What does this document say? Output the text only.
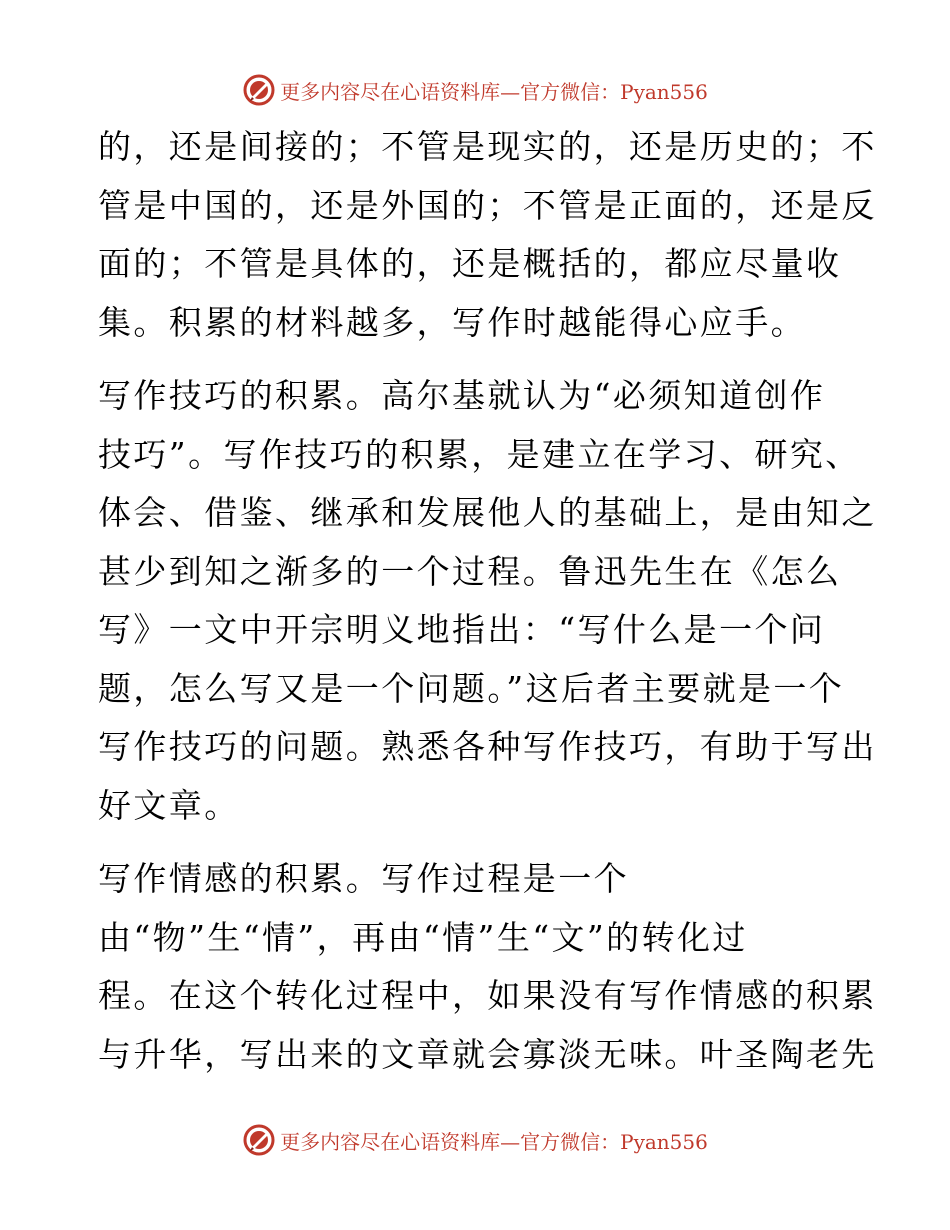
更多内容尽在心语资料库—官方微信：Pyan556
的，还是间接的；不管是现实的，还是历史的；不
管是中国的，还是外国的；不管是正面的，还是反
面的；不管是具体的，还是概括的，都应尽量收
集。积累的材料越多，写作时越能得心应手。
写作技巧的积累。高尔基就认为“必须知道创作
技巧”。写作技巧的积累，是建立在学习、研究、
体会、借鉴、继承和发展他人的基础上，是由知之
甚少到知之渐多的一个过程。鲁迅先生在《怎么
写》一文中开宗明义地指出：“写什么是一个问
题，怎么写又是一个问题。”这后者主要就是一个
写作技巧的问题。熟悉各种写作技巧，有助于写出
好文章。
写作情感的积累。写作过程是一个
由“物”生“情”，再由“情”生“文”的转化过
程。在这个转化过程中，如果没有写作情感的积累
与升华，写出来的文章就会寡淡无味。叶圣陶老先
更多内容尽在心语资料库—官方微信：Pyan556
